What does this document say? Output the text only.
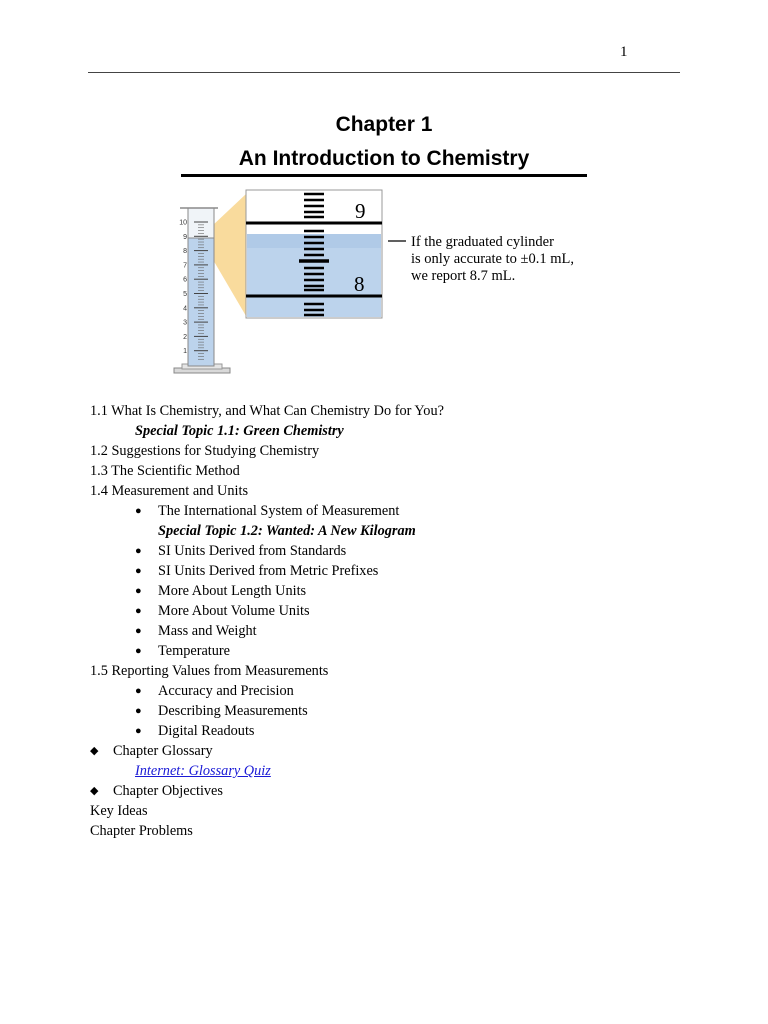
1
Chapter 1
An Introduction to Chemistry
10
9
8
7
6
5
4
3
2
1
9
8
If the graduated cylinder is only accurate to ±0.1 mL, we report 8.7 mL.
1.1 What Is Chemistry, and What Can Chemistry Do for You?
Special Topic 1.1: Green Chemistry
1.2 Suggestions for Studying Chemistry
1.3 The Scientific Method
1.4 Measurement and Units
● The International System of Measurement
Special Topic 1.2: Wanted: A New Kilogram
● SI Units Derived from Standards
● SI Units Derived from Metric Prefixes
● More About Length Units
● More About Volume Units
● Mass and Weight
● Temperature
1.5 Reporting Values from Measurements
● Accuracy and Precision
● Describing Measurements
● Digital Readouts
◆ Chapter Glossary
Internet: Glossary Quiz
◆ Chapter Objectives
Key Ideas
Chapter Problems
